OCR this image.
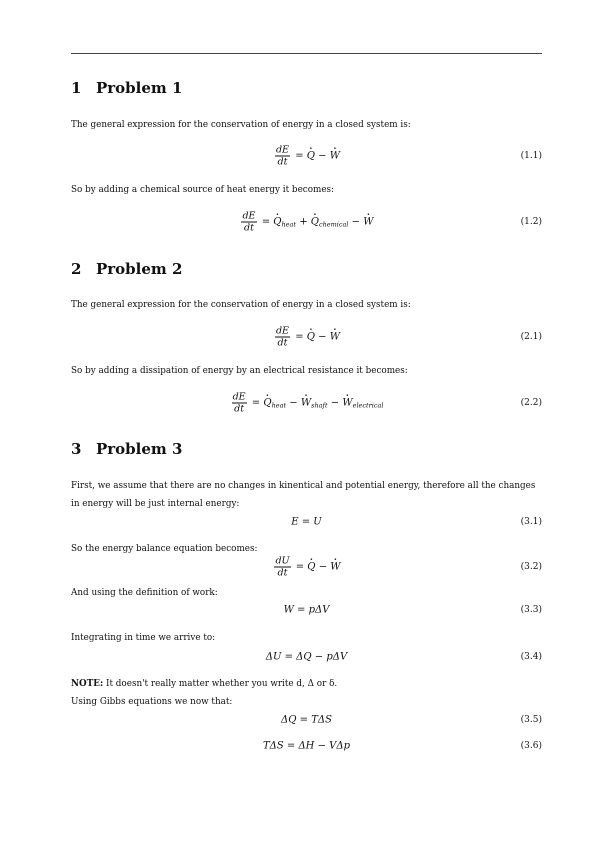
1 Problem 1
The general expression for the conservation of energy in a closed system is:
$\frac{dE}{dt}$ = · Q − · W	(1.1)
So by adding a chemical source of heat energy it becomes:
$\frac{dE}{dt}$ = · $Q_{heat}$ + · $Q_{chemical}$ − · W	(1.2)
2 Problem 2
The general expression for the conservation of energy in a closed system is:
$\frac{dE}{dt}$ = · Q − · W	(2.1)
So by adding a dissipation of energy by an electrical resistance it becomes:
$\frac{dE}{dt}$ = · $Q_{heat}$ − · $W_{shaft}$ − · $W_{electrical}$	(2.2)
3 Problem 3
First, we assume that there are no changes in kinentical and potential energy, therefore all the changes in energy will be just internal energy:
E = U	(3.1)
So the energy balance equation becomes:
$\frac{dU}{dt}$ = · Q − · W	(3.2)
And using the definition of work:
W = pΔV	(3.3)
Integrating in time we arrive to:
ΔU = ΔQ − pΔV	(3.4)
NOTE: It doesn't really matter whether you write d, Δ or δ.
Using Gibbs equations we now that:
ΔQ = TΔS	(3.5)
TΔS = ΔH − VΔp	(3.6)
